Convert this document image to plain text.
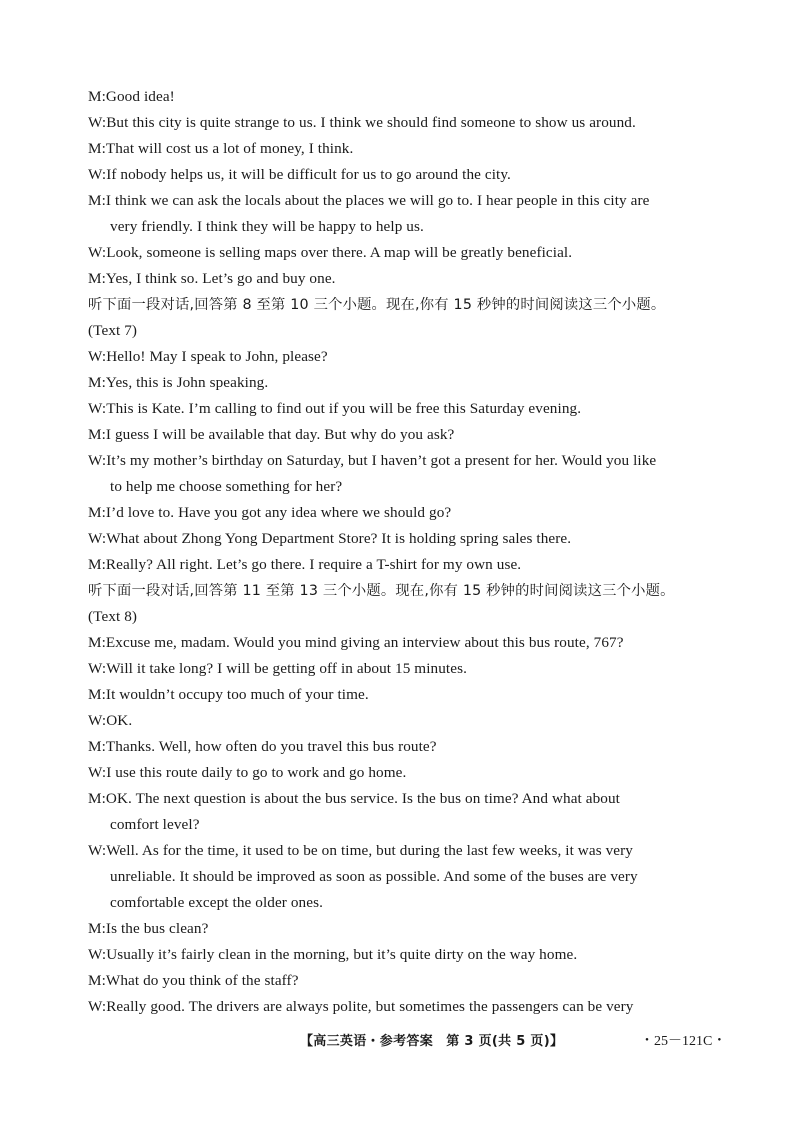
M:Good idea!
W:But this city is quite strange to us. I think we should find someone to show us around.
M:That will cost us a lot of money, I think.
W:If nobody helps us, it will be difficult for us to go around the city.
M:I think we can ask the locals about the places we will go to. I hear people in this city are
very friendly. I think they will be happy to help us.
W:Look, someone is selling maps over there. A map will be greatly beneficial.
M:Yes, I think so. Let’s go and buy one.
听下面一段对话,回答第 8 至第 10 三个小题。现在,你有 15 秒钟的时间阅读这三个小题。
(Text 7)
W:Hello! May I speak to John, please?
M:Yes, this is John speaking.
W:This is Kate. I’m calling to find out if you will be free this Saturday evening.
M:I guess I will be available that day. But why do you ask?
W:It’s my mother’s birthday on Saturday, but I haven’t got a present for her. Would you like
to help me choose something for her?
M:I’d love to. Have you got any idea where we should go?
W:What about Zhong Yong Department Store? It is holding spring sales there.
M:Really? All right. Let’s go there. I require a T-shirt for my own use.
听下面一段对话,回答第 11 至第 13 三个小题。现在,你有 15 秒钟的时间阅读这三个小题。
(Text 8)
M:Excuse me, madam. Would you mind giving an interview about this bus route, 767?
W:Will it take long? I will be getting off in about 15 minutes.
M:It wouldn’t occupy too much of your time.
W:OK.
M:Thanks. Well, how often do you travel this bus route?
W:I use this route daily to go to work and go home.
M:OK. The next question is about the bus service. Is the bus on time? And what about
comfort level?
W:Well. As for the time, it used to be on time, but during the last few weeks, it was very
unreliable. It should be improved as soon as possible. And some of the buses are very
comfortable except the older ones.
M:Is the bus clean?
W:Usually it’s fairly clean in the morning, but it’s quite dirty on the way home.
M:What do you think of the staff?
W:Really good. The drivers are always polite, but sometimes the passengers can be very
【高三英语・参考答案　第 3 页(共 5 页)】	・25－121C・
